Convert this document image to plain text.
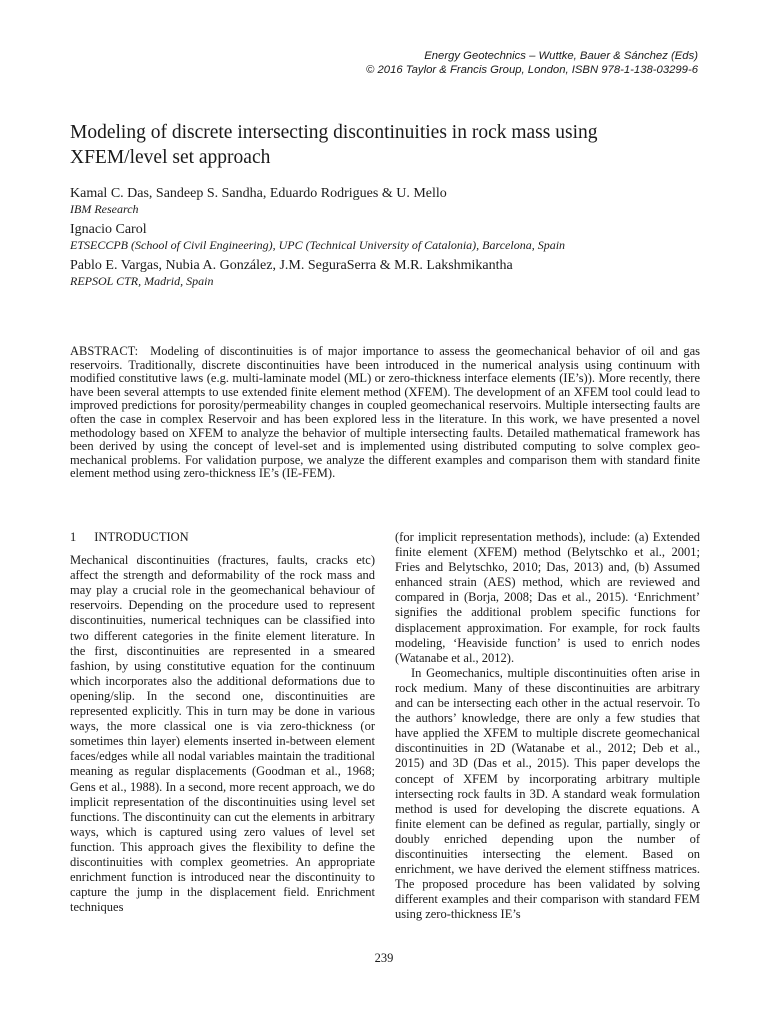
Energy Geotechnics – Wuttke, Bauer & Sánchez (Eds)
© 2016 Taylor & Francis Group, London, ISBN 978-1-138-03299-6
Modeling of discrete intersecting discontinuities in rock mass using XFEM/level set approach
Kamal C. Das, Sandeep S. Sandha, Eduardo Rodrigues & U. Mello
IBM Research
Ignacio Carol
ETSECCPB (School of Civil Engineering), UPC (Technical University of Catalonia), Barcelona, Spain
Pablo E. Vargas, Nubia A. González, J.M. SeguraSerra & M.R. Lakshmikantha
REPSOL CTR, Madrid, Spain
ABSTRACT: Modeling of discontinuities is of major importance to assess the geomechanical behavior of oil and gas reservoirs. Traditionally, discrete discontinuities have been introduced in the numerical analysis using continuum with modified constitutive laws (e.g. multi-laminate model (ML) or zero-thickness interface elements (IE’s)). More recently, there have been several attempts to use extended finite element method (XFEM). The development of an XFEM tool could lead to improved predictions for porosity/permeability changes in coupled geomechanical reservoirs. Multiple intersecting faults are often the case in complex Reservoir and has been explored less in the literature. In this work, we have presented a novel methodology based on XFEM to analyze the behavior of multiple intersecting faults. Detailed mathematical framework has been derived by using the concept of level-set and is implemented using distributed computing to solve complex geo-mechanical problems. For validation purpose, we analyze the different examples and comparison them with standard finite element method using zero-thickness IE’s (IE-FEM).
1 INTRODUCTION

Mechanical discontinuities (fractures, faults, cracks etc) affect the strength and deformability of the rock mass and may play a crucial role in the geomechanical behaviour of reservoirs. Depending on the procedure used to represent discontinuities, numerical techniques can be classified into two different categories in the finite element literature. In the first, discontinuities are represented in a smeared fashion, by using constitutive equation for the continuum which incorporates also the additional deformations due to opening/slip. In the second one, discontinuities are represented explicitly. This in turn may be done in various ways, the more classical one is via zero-thickness (or sometimes thin layer) elements inserted in-between element faces/edges while all nodal variables maintain the traditional meaning as regular displacements (Goodman et al., 1968; Gens et al., 1988). In a second, more recent approach, we do implicit representation of the discontinuities using level set functions. The discontinuity can cut the elements in arbitrary ways, which is captured using zero values of level set function. This approach gives the flexibility to define the discontinuities with complex geometries. An appropriate enrichment function is introduced near the discontinuity to capture the jump in the displacement field. Enrichment techniques

(for implicit representation methods), include: (a) Extended finite element (XFEM) method (Belytschko et al., 2001; Fries and Belytschko, 2010; Das, 2013) and, (b) Assumed enhanced strain (AES) method, which are reviewed and compared in (Borja, 2008; Das et al., 2015). ‘Enrichment’ signifies the additional problem specific functions for displacement approximation. For example, for rock faults modeling, ‘Heaviside function’ is used to enrich nodes (Watanabe et al., 2012).

In Geomechanics, multiple discontinuities often arise in rock medium. Many of these discontinuities are arbitrary and can be intersecting each other in the actual reservoir. To the authors’ knowledge, there are only a few studies that have applied the XFEM to multiple discrete geomechanical discontinuities in 2D (Watanabe et al., 2012; Deb et al., 2015) and 3D (Das et al., 2015). This paper develops the concept of XFEM by incorporating arbitrary multiple intersecting rock faults in 3D. A standard weak formulation method is used for developing the discrete equations. A finite element can be defined as regular, partially, singly or doubly enriched depending upon the number of discontinuities intersecting the element. Based on enrichment, we have derived the element stiffness matrices. The proposed procedure has been validated by solving different examples and their comparison with standard FEM using zero-thickness IE’s

239
